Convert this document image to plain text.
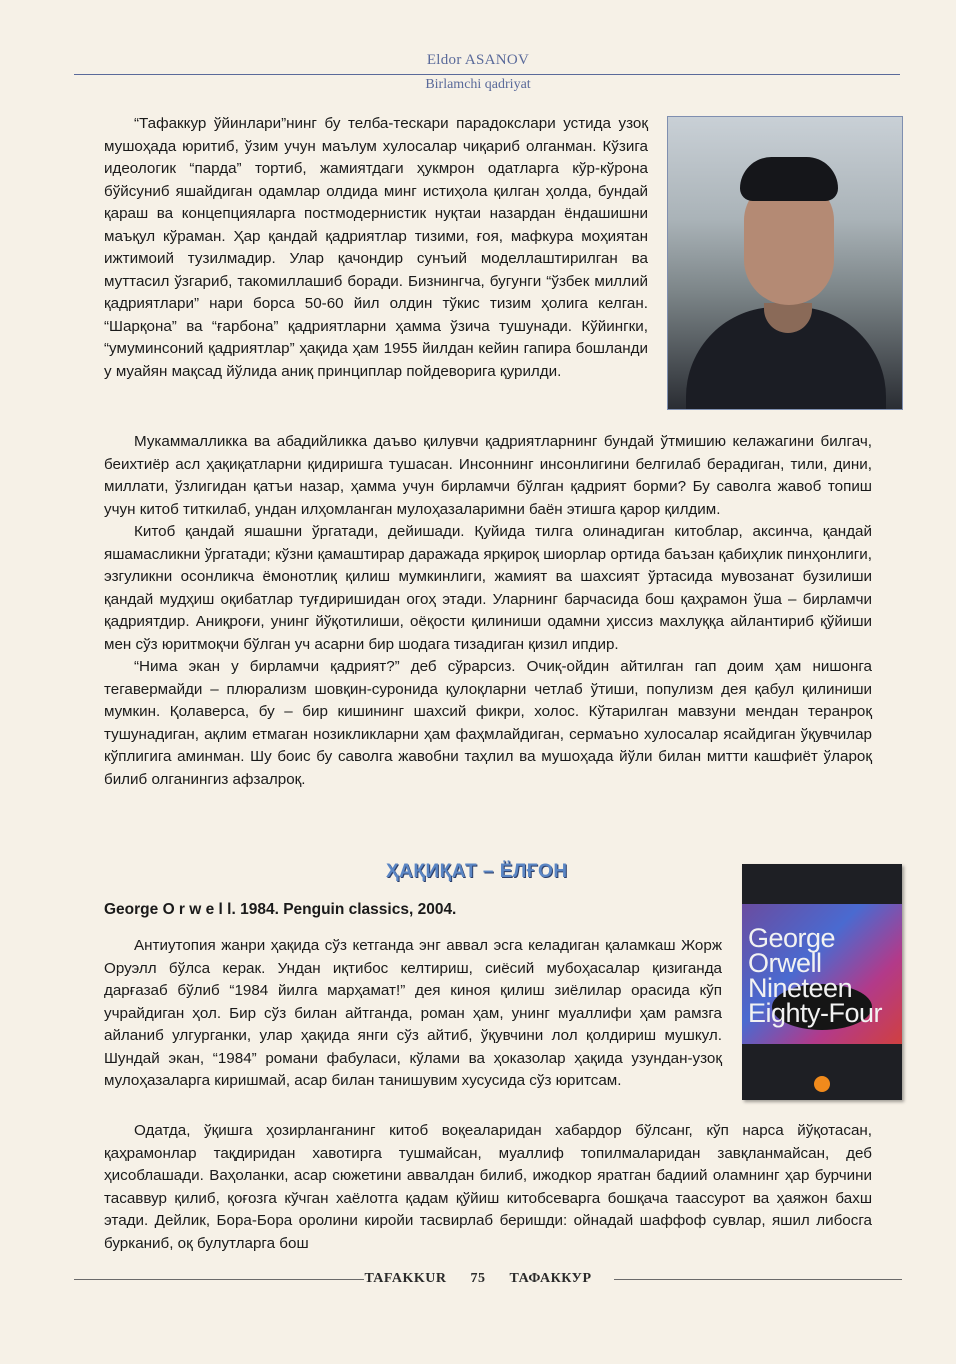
Eldor ASANOV
Birlamchi qadriyat

“Тафаккур ўйинлари”нинг бу телба-тескари парадокслари устида узоқ мушоҳада юритиб, ўзим учун маълум хулосалар чиқариб олганман. Кўзига идеологик “парда” тортиб, жамиятдаги ҳукмрон одатларга кўр-кўрона бўйсуниб яшайдиган одамлар олдида минг истиҳола қилган ҳолда, бундай қараш ва концепцияларга постмодернистик нуқтаи назардан ёндашишни маъқул кўраман. Ҳар қандай қадриятлар тизими, ғоя, мафкура моҳиятан ижтимоий тузилмадир. Улар қачондир сунъий моделлаштирилган ва муттасил ўзгариб, такомиллашиб боради. Бизнингча, бугунги “ўзбек миллий қадриятлари” нари борса 50-60 йил олдин тўкис тизим ҳолига келган. “Шарқона” ва “ғарбона” қадриятларни ҳамма ўзича тушунади. Кўйингки, “умуминсоний қадриятлар” ҳақида ҳам 1955 йилдан кейин гапира бошланди у муайян мақсад йўлида аниқ принциплар пойдеворига қурилди.

Мукаммалликка ва абадийликка даъво қилувчи қадриятларнинг бундай ўтмишию келажагини билгач, беихтиёр асл ҳақиқатларни қидиришга тушасан. Инсоннинг инсонлигини белгилаб берадиган, тили, дини, миллати, ўзлигидан қатъи назар, ҳамма учун бирламчи бўлган қадрият борми? Бу саволга жавоб топиш учун китоб титкилаб, ундан илҳомланган мулоҳазаларимни баён этишга қарор қилдим.

Китоб қандай яшашни ўргатади, дейишади. Қуйида тилга олинадиган китоблар, аксинча, қандай яшамасликни ўргатади; кўзни қамаштирар даражада ярқироқ шиорлар ортида баъзан қабиҳлик пинҳонлиги, эзгуликни осонликча ёмонотлиқ қилиш мумкинлиги, жамият ва шахсият ўртасида мувозанат бузилиши қандай мудҳиш оқибатлар туғдиришидан огоҳ этади. Уларнинг барчасида бош қаҳрамон ўша – бирламчи қадриятдир. Аниқроғи, унинг йўқотилиши, оёқости қилиниши одамни ҳиссиз махлуққа айлантириб қўйиши мен сўз юритмоқчи бўлган уч асарни бир шодага тизадиган қизил ипдир.

“Нима экан у бирламчи қадрият?” деб сўрарсиз. Очиқ-ойдин айтилган гап доим ҳам нишонга тегавермайди – плюрализм шовқин-суронида қулоқларни четлаб ўтиши, популизм дея қабул қилиниши мумкин. Қолаверса, бу – бир кишининг шахсий фикри, холос. Кўтарилган мавзуни мендан теранроқ тушунадиган, ақлим етмаган нозикликларни ҳам фаҳмлайдиган, сермаъно хулосалар ясайдиган ўқувчилар кўплигига аминман. Шу боис бу саволга жавобни таҳлил ва мушоҳада йўли билан митти кашфиёт ўлароқ билиб олганингиз афзалроқ.

ҲАҚИҚАТ – ЁЛҒОН
George O r w e l l. 1984. Penguin classics, 2004.
George
Orwell
Nineteen
Eighty-Four

Антиутопия жанри ҳақида сўз кетганда энг аввал эсга келадиган қаламкаш Жорж Оруэлл бўлса керак. Ундан иқтибос келтириш, сиёсий мубоҳасалар қизиганда дарғазаб бўлиб “1984 йилга марҳамат!” дея киноя қилиш зиёлилар орасида кўп учрайдиган ҳол. Бир сўз билан айтганда, роман ҳам, унинг муаллифи ҳам рамзга айланиб улгурганки, улар ҳақида янги сўз айтиб, ўқувчини лол қолдириш мушкул. Шундай экан, “1984” романи фабуласи, кўлами ва ҳоказолар ҳақида узундан-узоқ мулоҳазаларга киришмай, асар билан танишувим хусусида сўз юритсам.

Одатда, ўқишга ҳозирланганинг китоб воқеаларидан хабардор бўлсанг, кўп нарса йўқотасан, қаҳрамонлар тақдиридан хавотирга тушмайсан, муаллиф топилмаларидан завқланмайсан, деб ҳисоблашади. Ваҳоланки, асар сюжетини аввалдан билиб, ижодкор яратган бадиий оламнинг ҳар бурчини тасаввур қилиб, қоғозга кўчган хаёлотга қадам қўйиш китобсеварга бошқача таассурот ва ҳаяжон бахш этади. Дейлик, Бора-Бора оролини киройи тасвирлаб беришди: ойнадай шаффоф сувлар, яшил либосга бурканиб, оқ булутларга бош

TAFAKKUR 75 ТАФАККУР
